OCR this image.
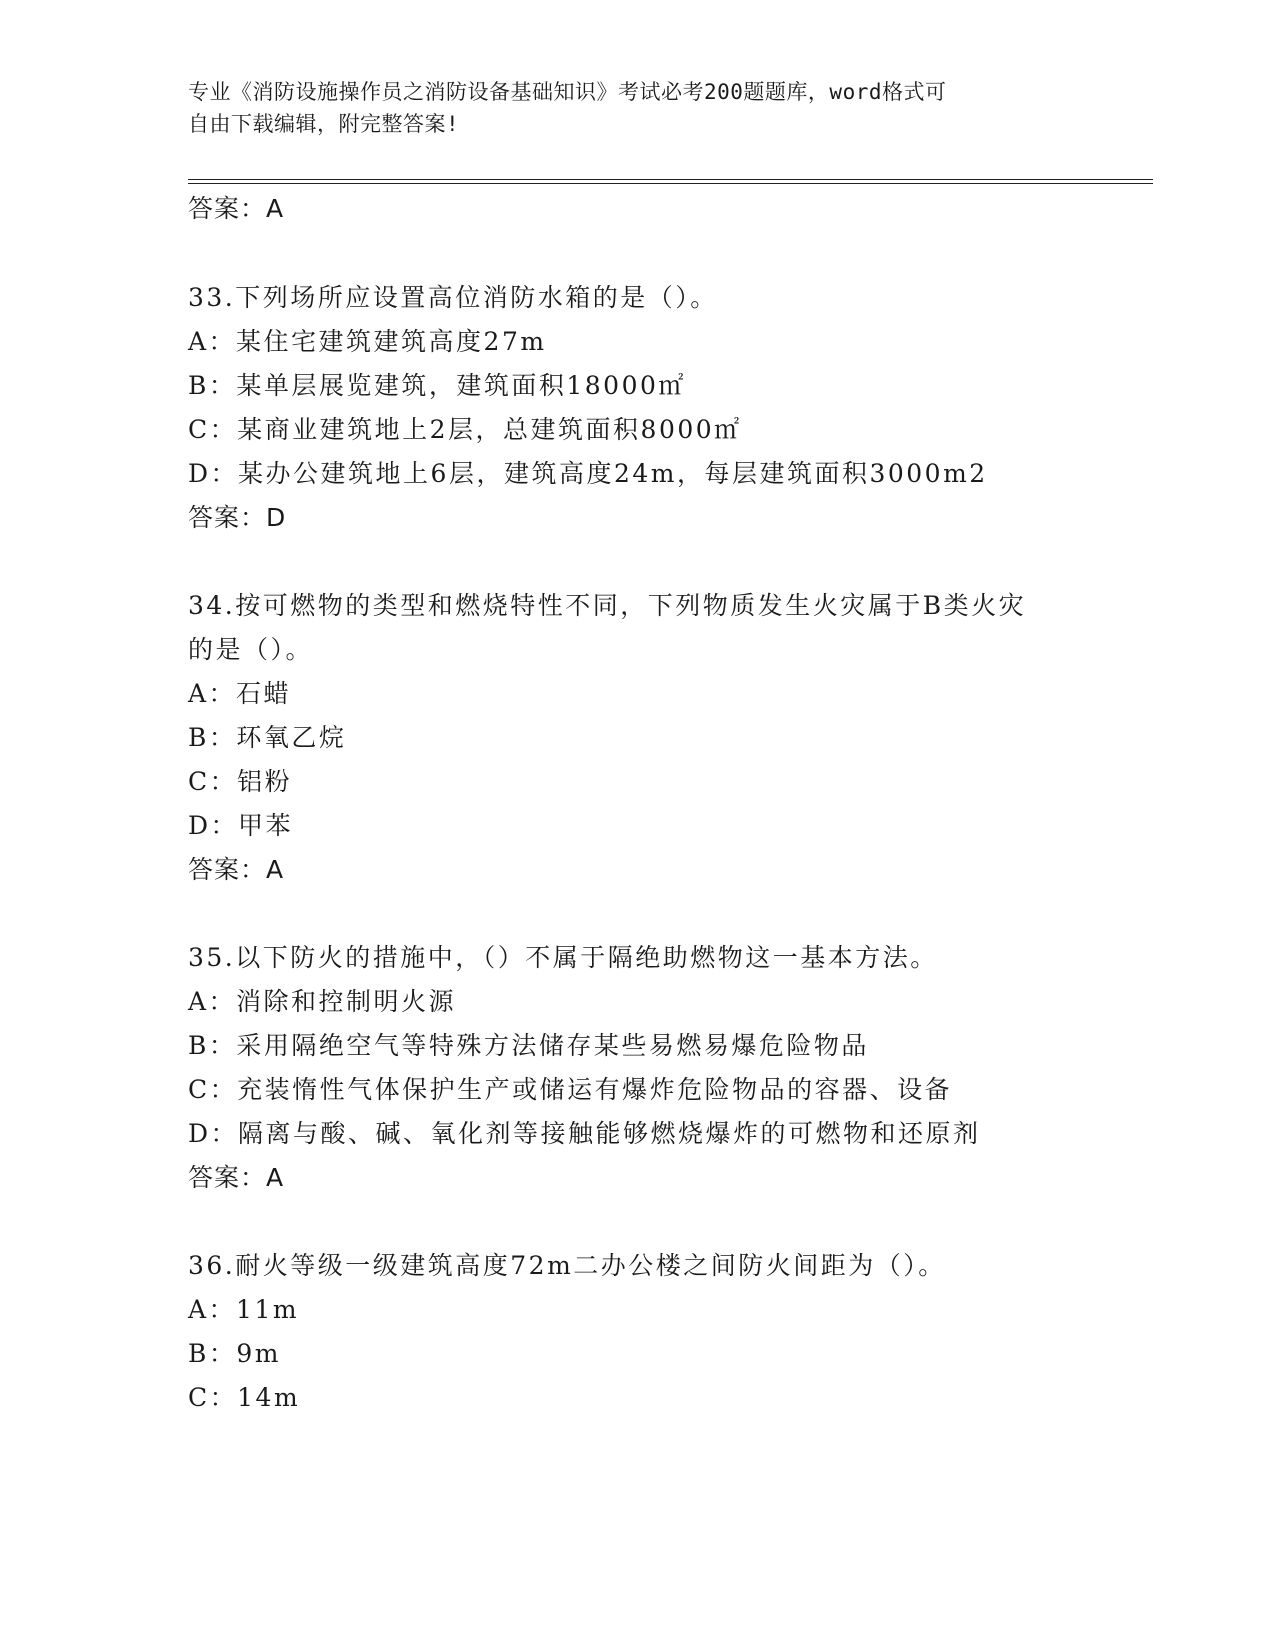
专业《消防设施操作员之消防设备基础知识》考试必考200题题库，word格式可
自由下载编辑，附完整答案!
答案：A
33.下列场所应设置高位消防水箱的是（）。
A：某住宅建筑建筑高度27m
B：某单层展览建筑，建筑面积18000㎡
C：某商业建筑地上2层，总建筑面积8000㎡
D：某办公建筑地上6层，建筑高度24m，每层建筑面积3000m2
答案：D
34.按可燃物的类型和燃烧特性不同，下列物质发生火灾属于B类火灾
的是（）。
A：石蜡
B：环氧乙烷
C：铝粉
D：甲苯
答案：A
35.以下防火的措施中，（）不属于隔绝助燃物这一基本方法。
A：消除和控制明火源
B：采用隔绝空气等特殊方法储存某些易燃易爆危险物品
C：充装惰性气体保护生产或储运有爆炸危险物品的容器、设备
D：隔离与酸、碱、氧化剂等接触能够燃烧爆炸的可燃物和还原剂
答案：A
36.耐火等级一级建筑高度72m二办公楼之间防火间距为（）。
A：11m
B：9m
C：14m
